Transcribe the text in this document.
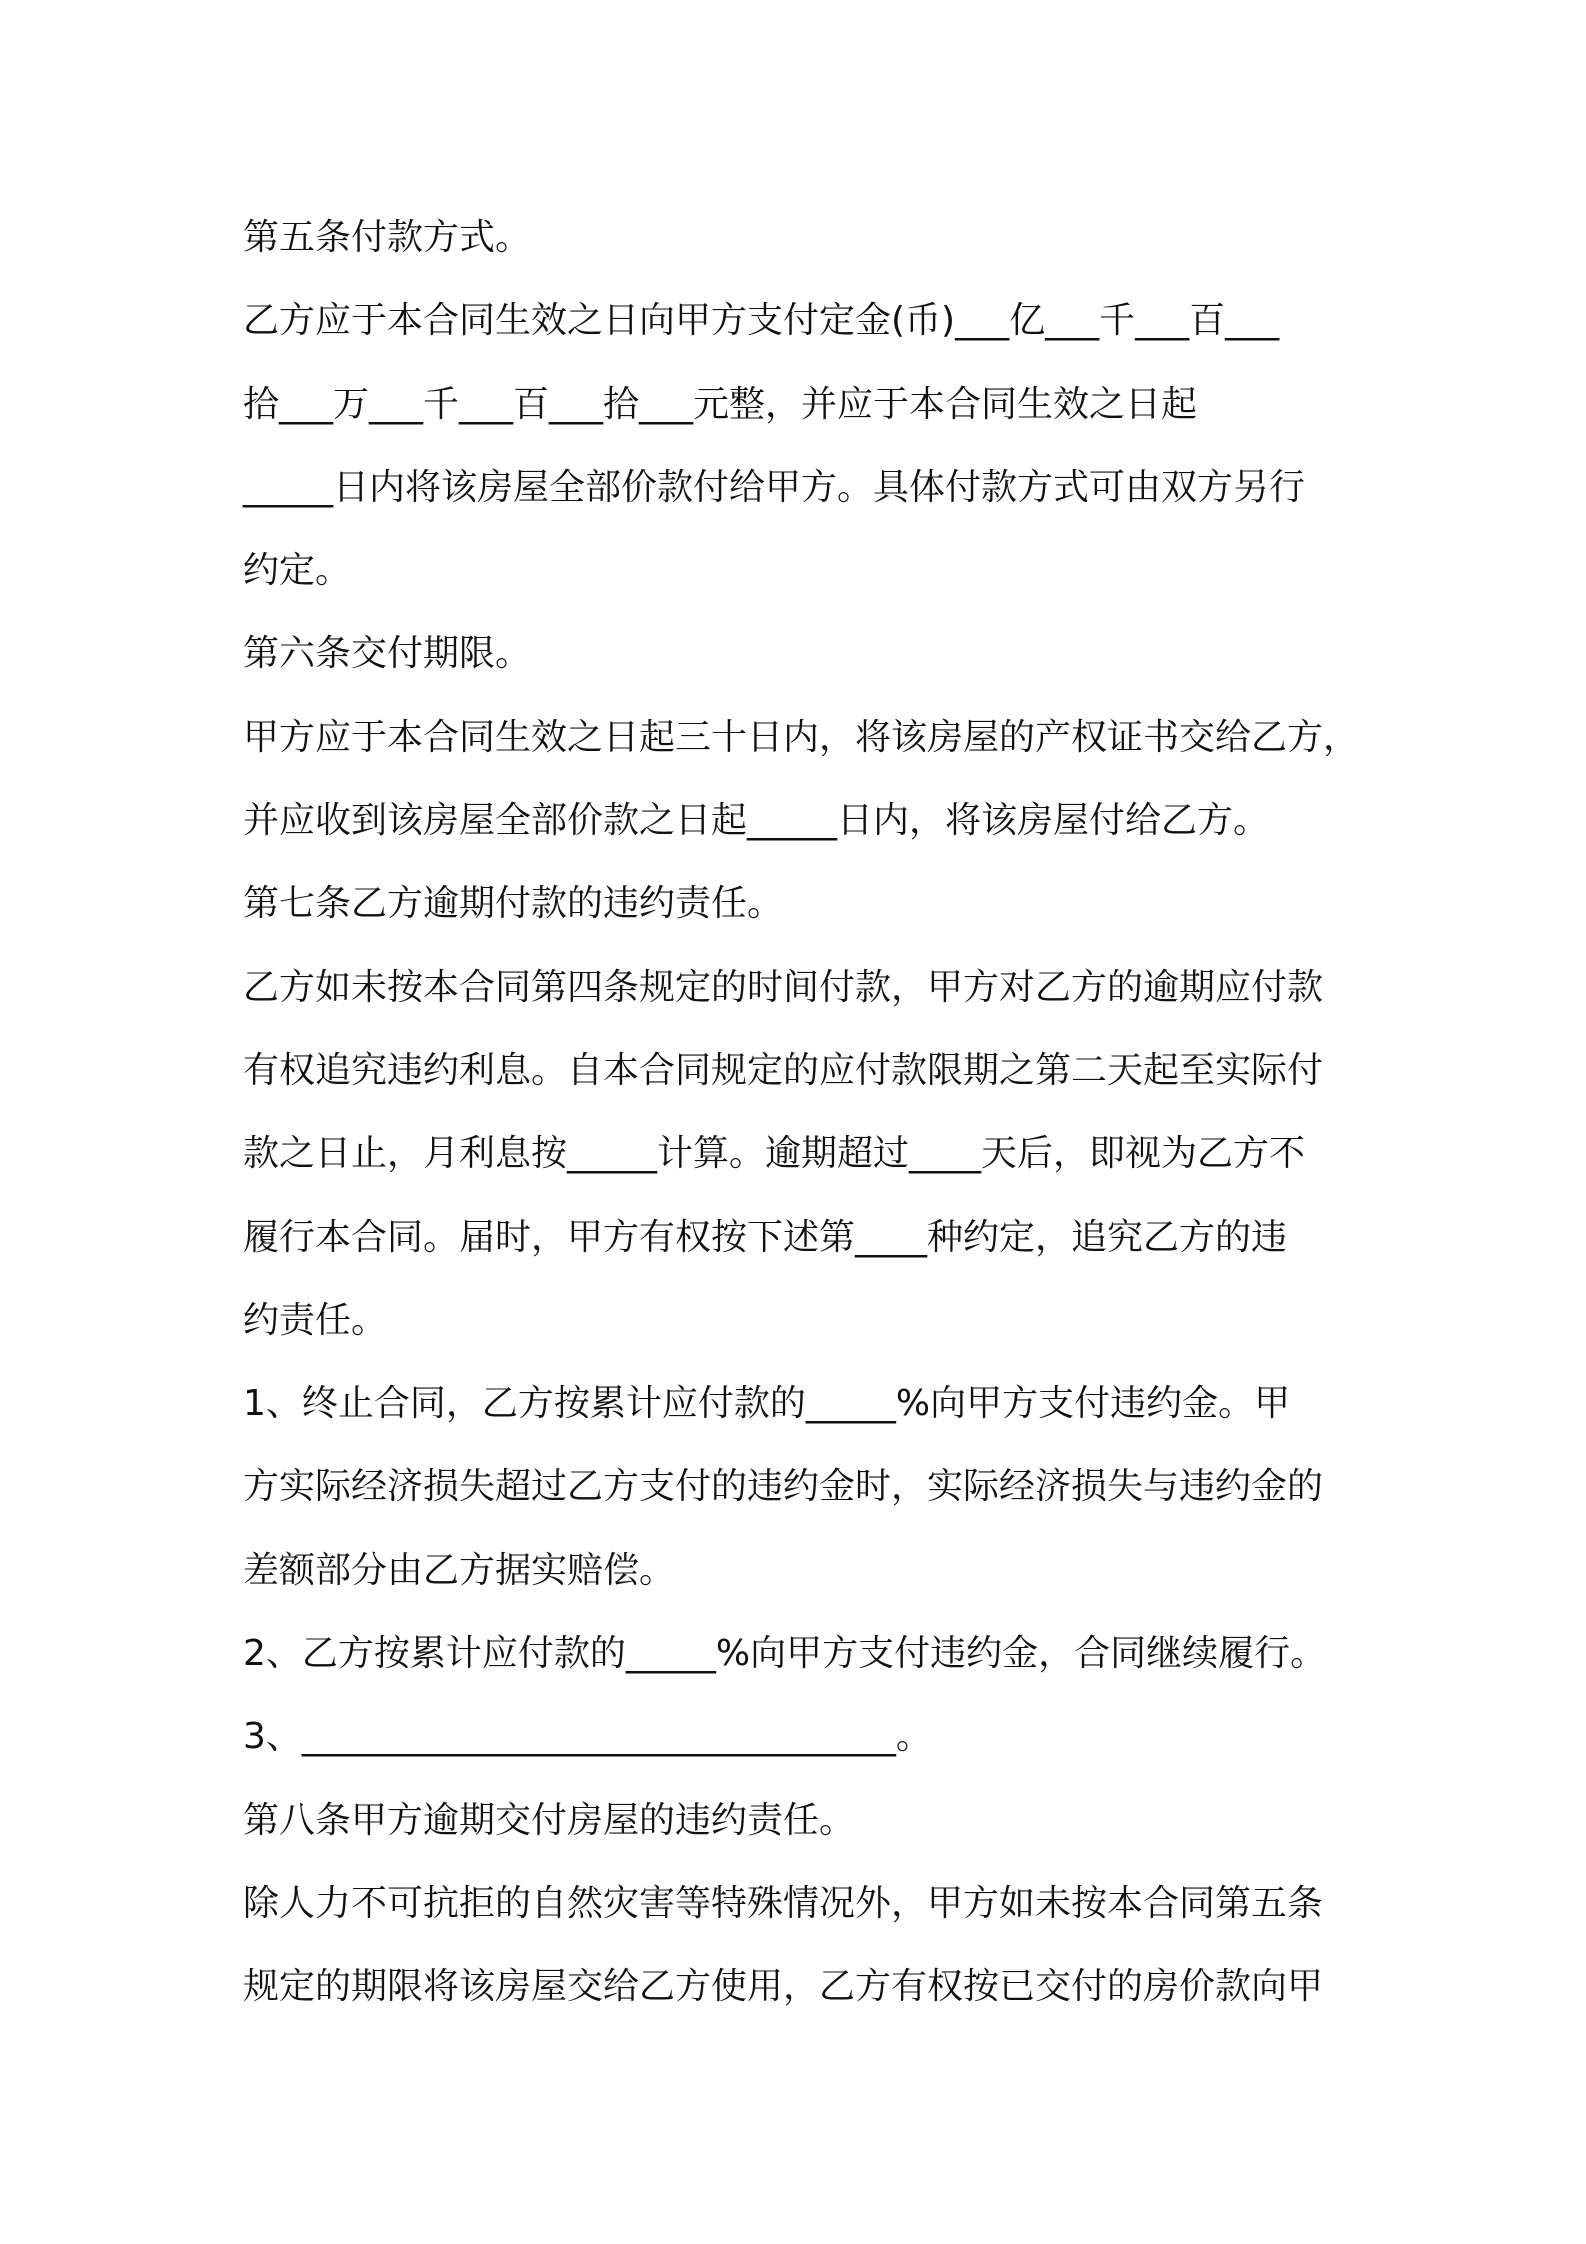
第五条付款方式。
乙方应于本合同生效之日向甲方支付定金(币)___亿___千___百___
拾___万___千___百___拾___元整，并应于本合同生效之日起
_____日内将该房屋全部价款付给甲方。具体付款方式可由双方另行
约定。
第六条交付期限。
甲方应于本合同生效之日起三十日内，将该房屋的产权证书交给乙方，
并应收到该房屋全部价款之日起_____日内，将该房屋付给乙方。
第七条乙方逾期付款的违约责任。
乙方如未按本合同第四条规定的时间付款，甲方对乙方的逾期应付款
有权追究违约利息。自本合同规定的应付款限期之第二天起至实际付
款之日止，月利息按_____计算。逾期超过____天后，即视为乙方不
履行本合同。届时，甲方有权按下述第____种约定，追究乙方的违
约责任。
1、终止合同，乙方按累计应付款的_____%向甲方支付违约金。甲
方实际经济损失超过乙方支付的违约金时，实际经济损失与违约金的
差额部分由乙方据实赔偿。
2、乙方按累计应付款的_____%向甲方支付违约金，合同继续履行。
3、_________________________________。
第八条甲方逾期交付房屋的违约责任。
除人力不可抗拒的自然灾害等特殊情况外，甲方如未按本合同第五条
规定的期限将该房屋交给乙方使用，乙方有权按已交付的房价款向甲
